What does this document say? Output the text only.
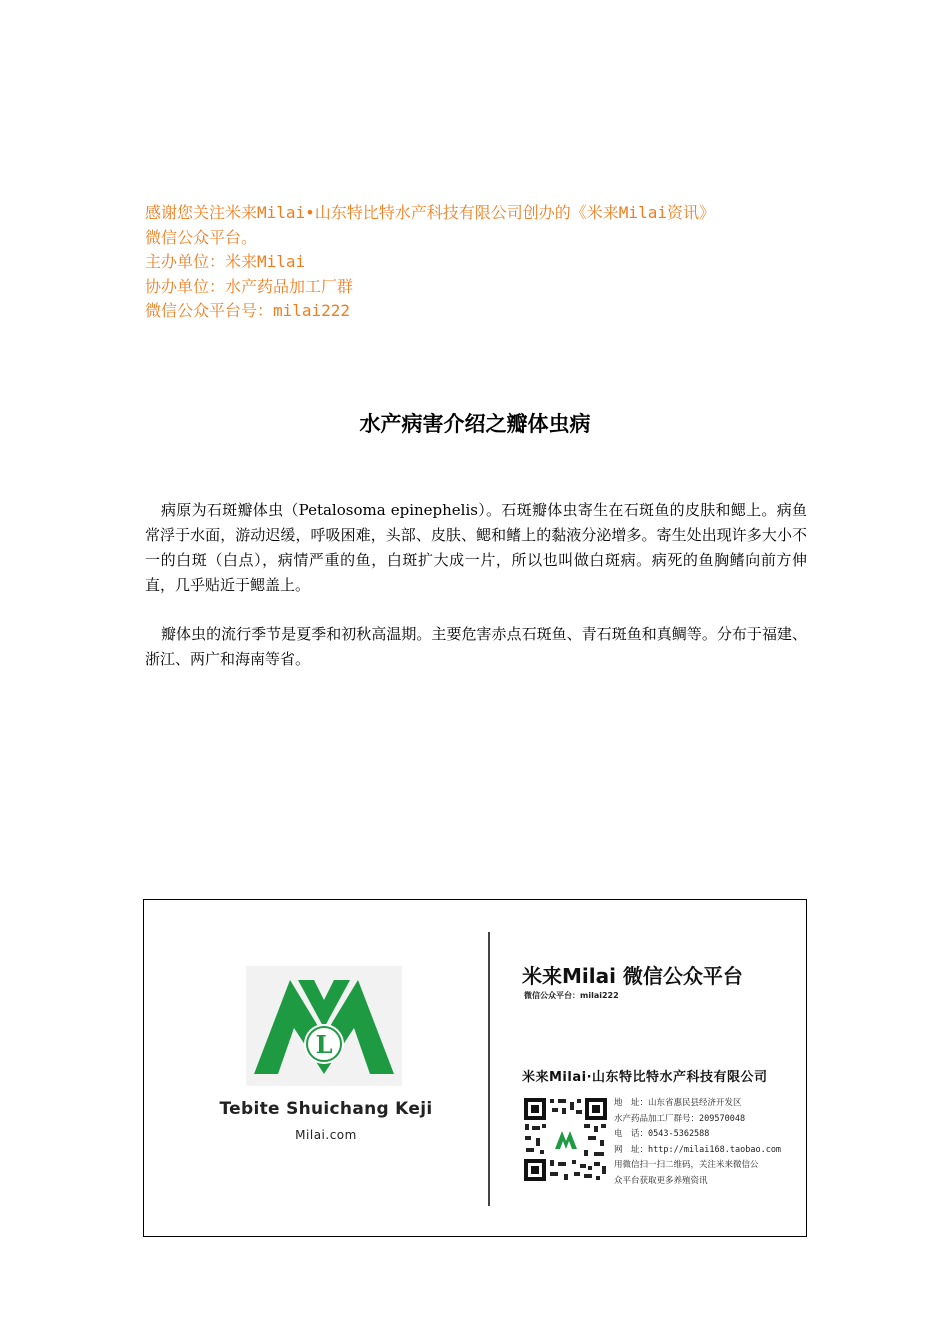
感谢您关注米来Milai•山东特比特水产科技有限公司创办的《米来Milai资讯》
微信公众平台。
主办单位：米来Milai
协办单位：水产药品加工厂群
微信公众平台号：milai222
水产病害介绍之瓣体虫病
病原为石斑瓣体虫（Petalosoma epinephelis）。石斑瓣体虫寄生在石斑鱼的皮肤和鳃上。病鱼常浮于水面，游动迟缓，呼吸困难，头部、皮肤、鳃和鳍上的黏液分泌增多。寄生处出现许多大小不一的白斑（白点），病情严重的鱼，白斑扩大成一片，所以也叫做白斑病。病死的鱼胸鳍向前方伸直，几乎贴近于鳃盖上。
瓣体虫的流行季节是夏季和初秋高温期。主要危害赤点石斑鱼、青石斑鱼和真鲷等。分布于福建、浙江、两广和海南等省。
L
Tebite Shuichang Keji
Milai.com
米来Milai 微信公众平台
微信公众平台：milai222
米来Milai·山东特比特水产科技有限公司
地　址：山东省惠民县经济开发区
水产药品加工厂群号：209570048
电　话：0543-5362588
网　址：http://milai168.taobao.com
用微信扫一扫二维码，关注米来微信公
众平台获取更多养殖资讯
